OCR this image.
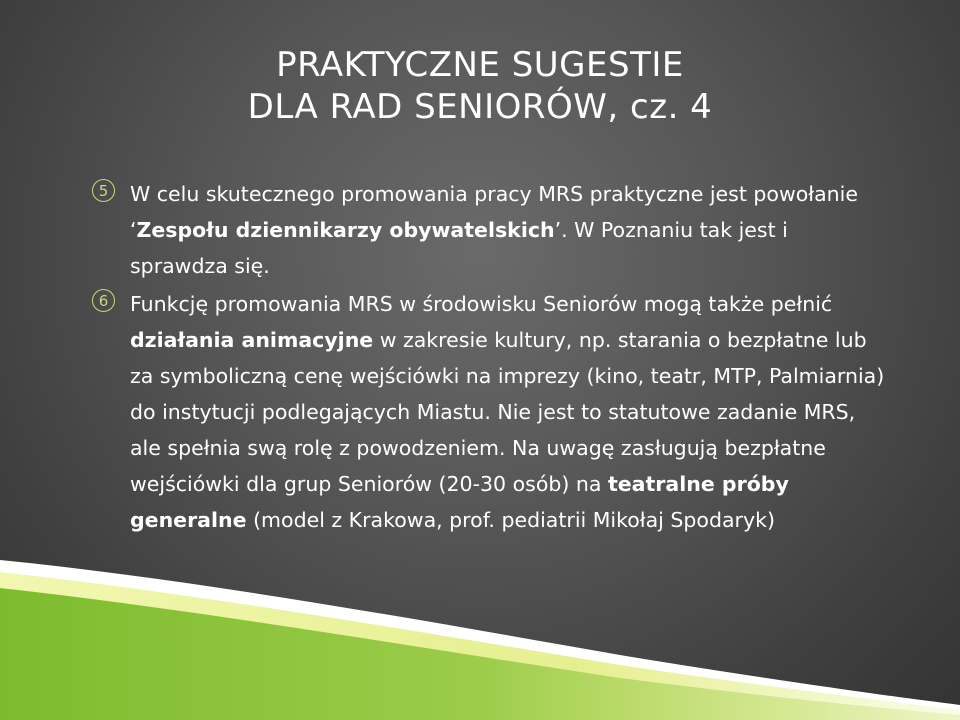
PRAKTYCZNE SUGESTIE
DLA RAD SENIORÓW, cz. 4
5	W celu skutecznego promowania pracy MRS praktyczne jest powołanie ‘Zespołu dziennikarzy obywatelskich’. W Poznaniu tak jest i sprawdza się.
6	Funkcję promowania MRS w środowisku Seniorów mogą także pełnić działania animacyjne w zakresie kultury, np. starania o bezpłatne lub za symboliczną cenę wejściówki na imprezy (kino, teatr, MTP, Palmiarnia) do instytucji podlegających Miastu. Nie jest to statutowe zadanie MRS, ale spełnia swą rolę z powodzeniem. Na uwagę zasługują bezpłatne wejściówki dla grup Seniorów (20-30 osób) na teatralne próby generalne (model z Krakowa, prof. pediatrii Mikołaj Spodaryk)
